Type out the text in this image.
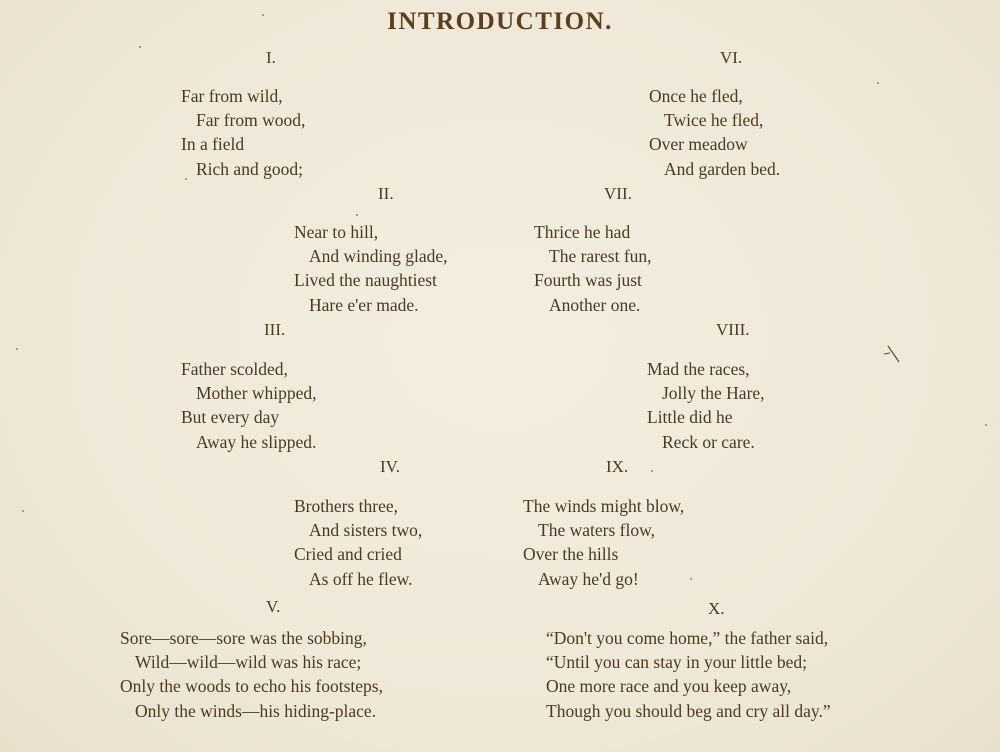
INTRODUCTION.
I.
Far from wild,
Far from wood,
In a field
Rich and good;
II.
Near to hill,
And winding glade,
Lived the naughtiest
Hare e'er made.
III.
Father scolded,
Mother whipped,
But every day
Away he slipped.
IV.
Brothers three,
And sisters two,
Cried and cried
As off he flew.
V.
Sore—sore—sore was the sobbing,
Wild—wild—wild was his race;
Only the woods to echo his footsteps,
Only the winds—his hiding-place.
VI.
Once he fled,
Twice he fled,
Over meadow
And garden bed.
VII.
Thrice he had
The rarest fun,
Fourth was just
Another one.
VIII.
Mad the races,
Jolly the Hare,
Little did he
Reck or care.
IX.
The winds might blow,
The waters flow,
Over the hills
Away he'd go!
X.
“Don't you come home,” the father said,
“Until you can stay in your little bed;
One more race and you keep away,
Though you should beg and cry all day.”
